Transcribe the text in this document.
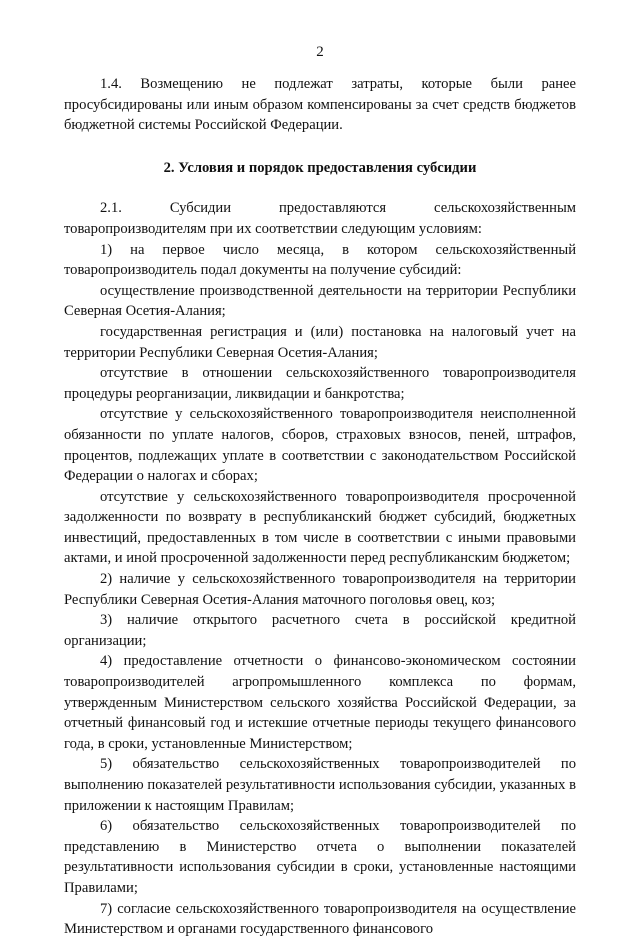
2

1.4. Возмещению не подлежат затраты, которые были ранее просубсидированы или иным образом компенсированы за счет средств бюджетов бюджетной системы Российской Федерации.

2. Условия и порядок предоставления субсидии

2.1. Субсидии предоставляются сельскохозяйственным товаропроизводителям при их соответствии следующим условиям:

1) на первое число месяца, в котором сельскохозяйственный товаропроизводитель подал документы на получение субсидий:

осуществление производственной деятельности на территории Республики Северная Осетия-Алания;

государственная регистрация и (или) постановка на налоговый учет на территории Республики Северная Осетия-Алания;

отсутствие в отношении сельскохозяйственного товаропроизводителя процедуры реорганизации, ликвидации и банкротства;

отсутствие у сельскохозяйственного товаропроизводителя неисполненной обязанности по уплате налогов, сборов, страховых взносов, пеней, штрафов, процентов, подлежащих уплате в соответствии с законодательством Российской Федерации о налогах и сборах;

отсутствие у сельскохозяйственного товаропроизводителя просроченной задолженности по возврату в республиканский бюджет субсидий, бюджетных инвестиций, предоставленных в том числе в соответствии с иными правовыми актами, и иной просроченной задолженности перед республиканским бюджетом;

2) наличие у сельскохозяйственного товаропроизводителя на территории Республики Северная Осетия-Алания маточного поголовья овец, коз;

3) наличие открытого расчетного счета в российской кредитной организации;

4) предоставление отчетности о финансово-экономическом состоянии товаропроизводителей агропромышленного комплекса по формам, утвержденным Министерством сельского хозяйства Российской Федерации, за отчетный финансовый год и истекшие отчетные периоды текущего финансового года, в сроки, установленные Министерством;

5) обязательство сельскохозяйственных товаропроизводителей по выполнению показателей результативности использования субсидии, указанных в приложении к настоящим Правилам;

6) обязательство сельскохозяйственных товаропроизводителей по представлению в Министерство отчета о выполнении показателей результативности использования субсидии в сроки, установленные настоящими Правилами;

7) согласие сельскохозяйственного товаропроизводителя на осуществление Министерством и органами государственного финансового
